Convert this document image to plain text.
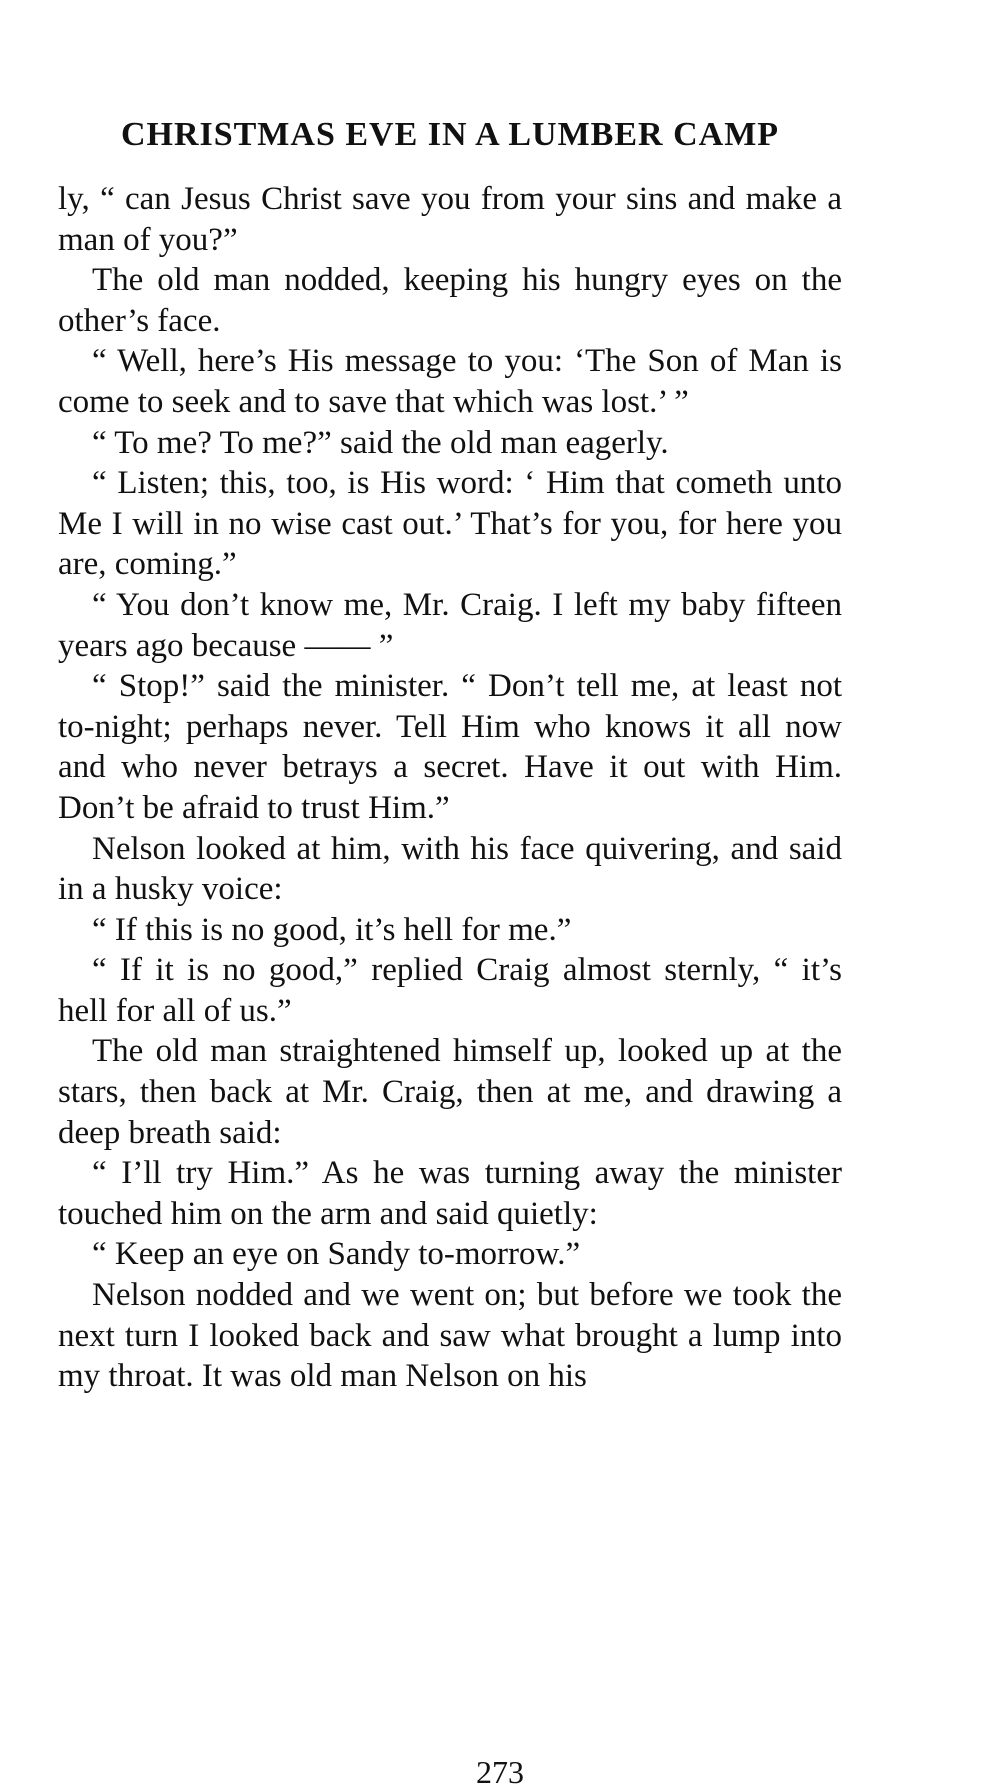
CHRISTMAS EVE IN A LUMBER CAMP

ly, “ can Jesus Christ save you from your sins and make a man of you?”

The old man nodded, keeping his hungry eyes on the other’s face.

“ Well, here’s His message to you: ‘The Son of Man is come to seek and to save that which was lost.’ ”

“ To me? To me?” said the old man eagerly.

“ Listen; this, too, is His word: ‘ Him that cometh unto Me I will in no wise cast out.’ That’s for you, for here you are, coming.”

“ You don’t know me, Mr. Craig. I left my baby fifteen years ago because —— ”

“ Stop!” said the minister. “ Don’t tell me, at least not to-night; perhaps never. Tell Him who knows it all now and who never betrays a secret. Have it out with Him. Don’t be afraid to trust Him.”

Nelson looked at him, with his face quivering, and said in a husky voice:

“ If this is no good, it’s hell for me.”

“ If it is no good,” replied Craig almost sternly, “ it’s hell for all of us.”

The old man straightened himself up, looked up at the stars, then back at Mr. Craig, then at me, and drawing a deep breath said:

“ I’ll try Him.” As he was turning away the minister touched him on the arm and said quietly:

“ Keep an eye on Sandy to-morrow.”

Nelson nodded and we went on; but before we took the next turn I looked back and saw what brought a lump into my throat. It was old man Nelson on his

273
